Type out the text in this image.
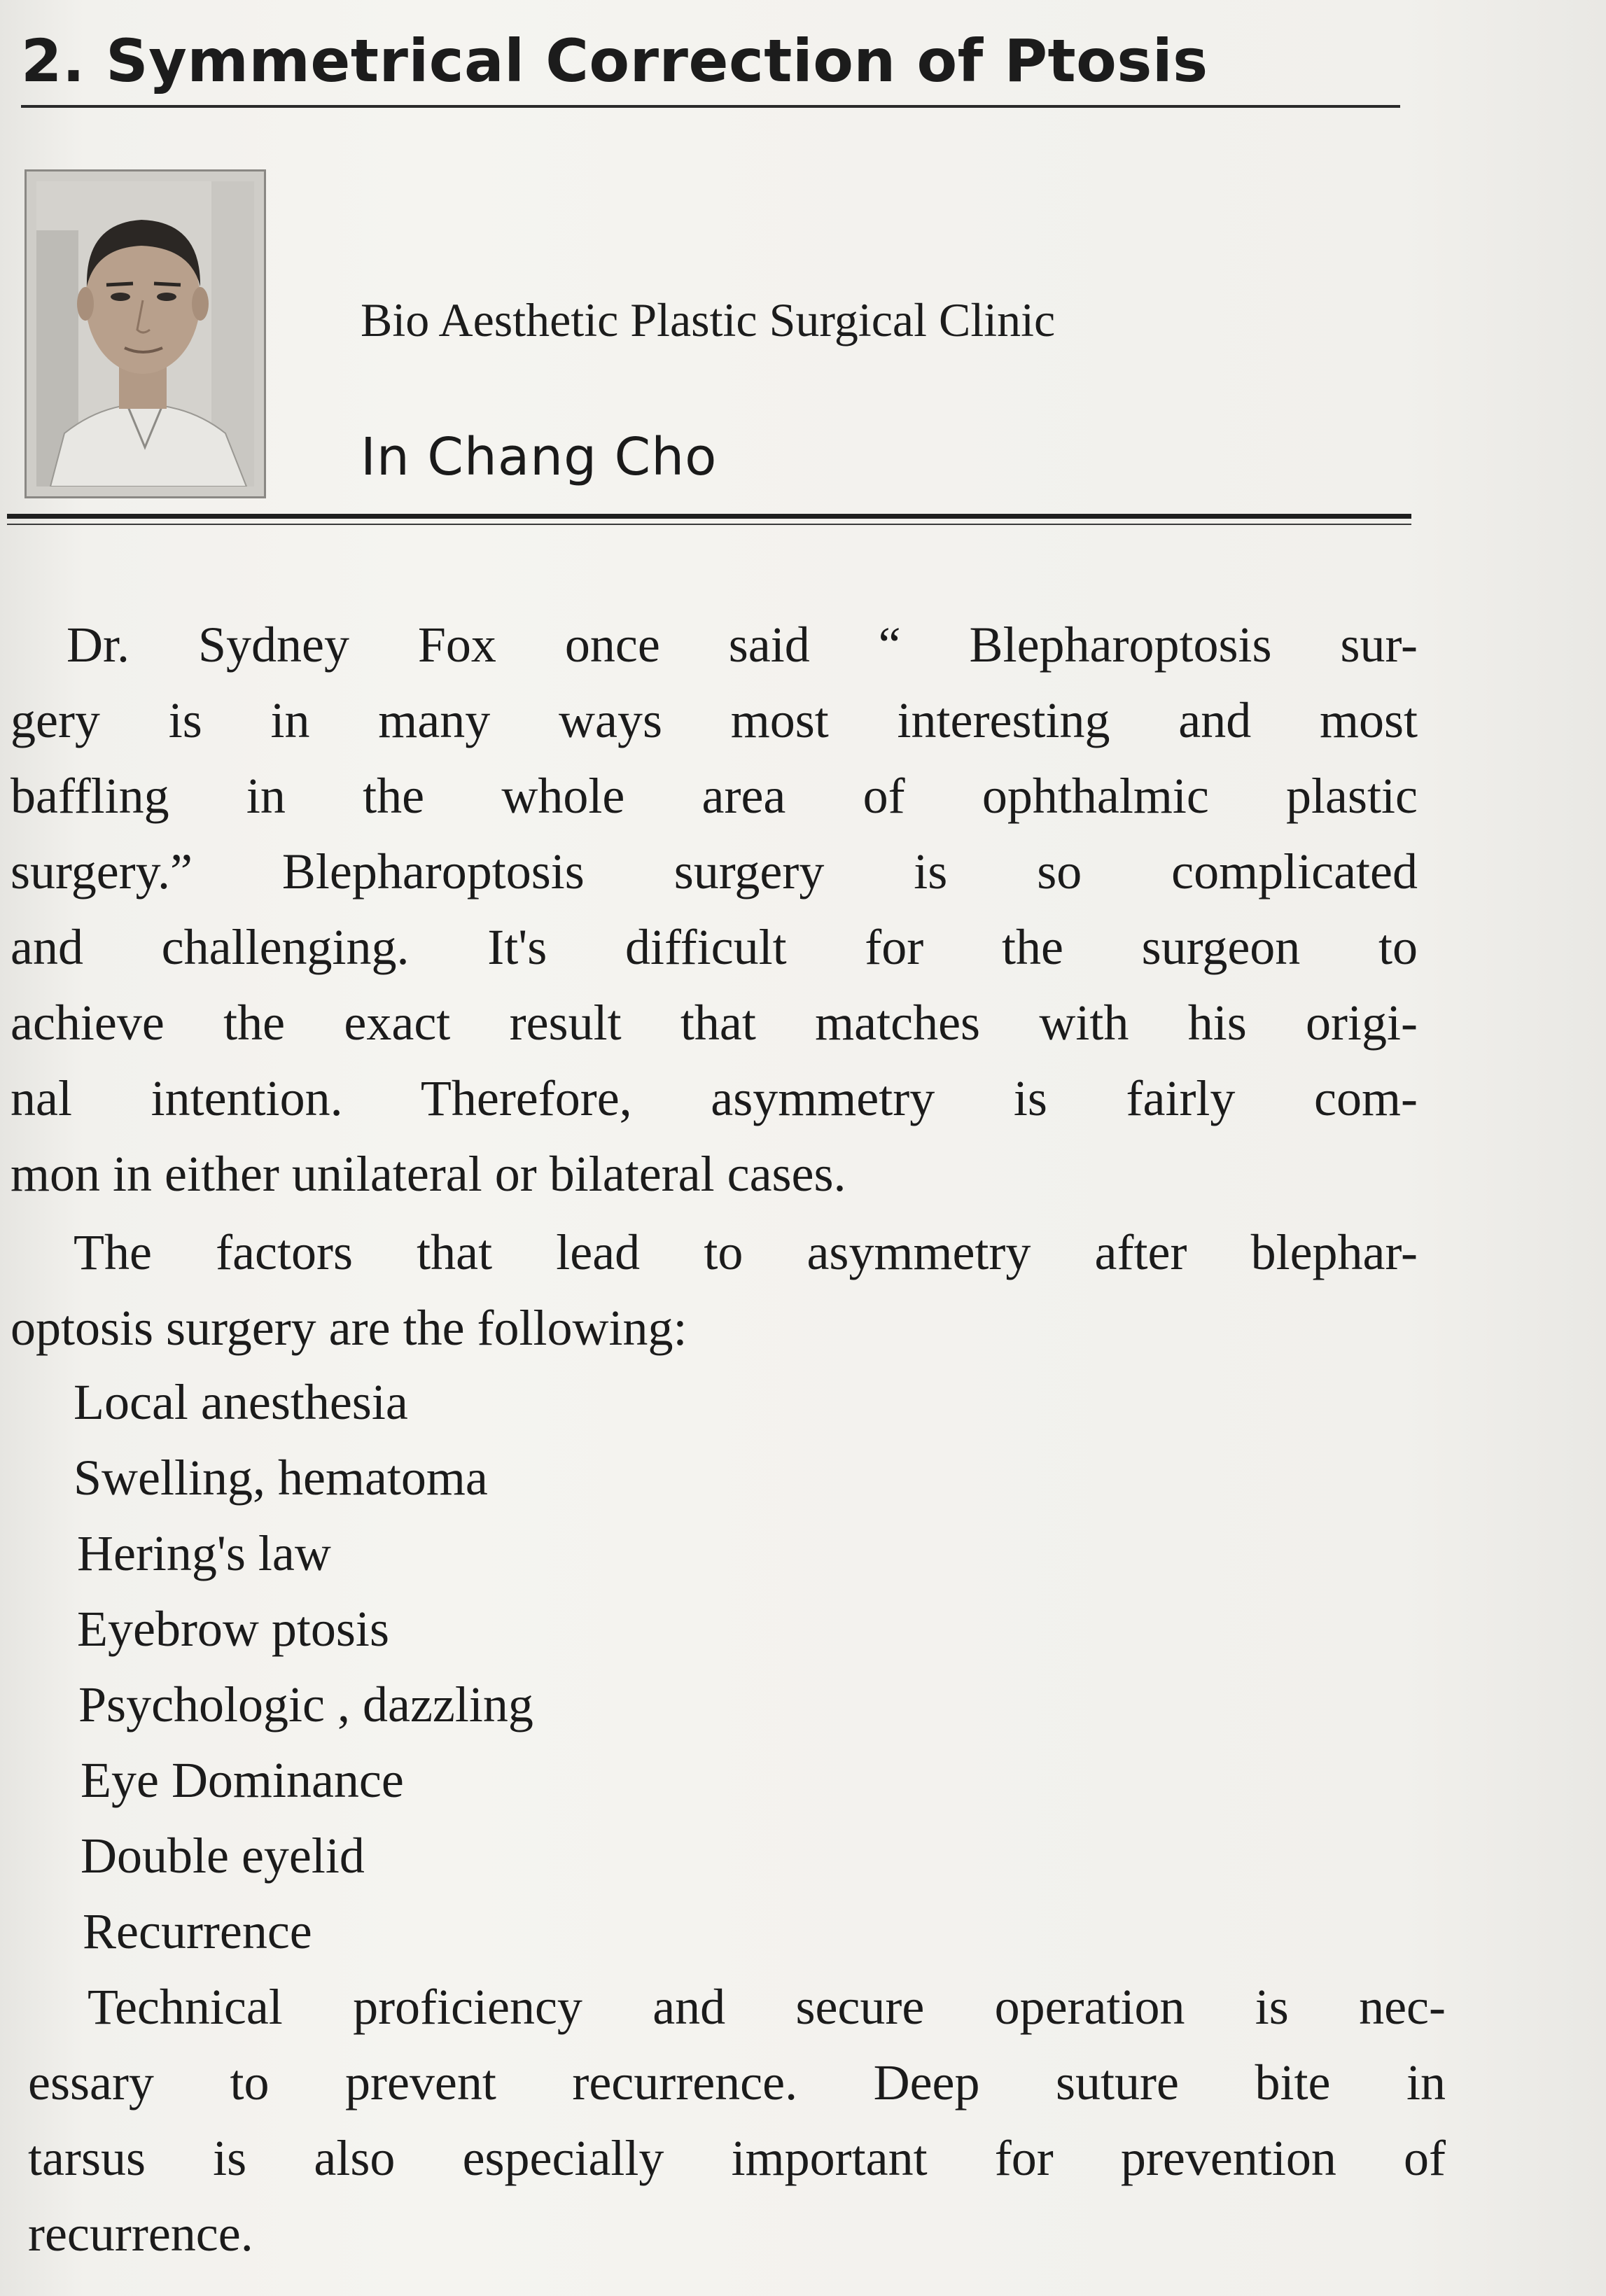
2. Symmetrical Correction of Ptosis
Bio Aesthetic Plastic Surgical Clinic
In Chang Cho
Dr. Sydney Fox once said “ Blepharoptosis sur-
gery is in many ways most interesting and most
baffling in the whole area of ophthalmic plastic
surgery.” Blepharoptosis surgery is so complicated
and challenging. It's difficult for the surgeon to
achieve the exact result that matches with his origi-
nal intention. Therefore, asymmetry is fairly com-
mon in either unilateral or bilateral cases.
The factors that lead to asymmetry after blephar-
optosis surgery are the following:
Local anesthesia
Swelling, hematoma
Hering's law
Eyebrow ptosis
Psychologic , dazzling
Eye Dominance
Double eyelid
Recurrence
Technical proficiency and secure operation is nec-
essary to prevent recurrence. Deep suture bite in
tarsus is also especially important for prevention of
recurrence.
